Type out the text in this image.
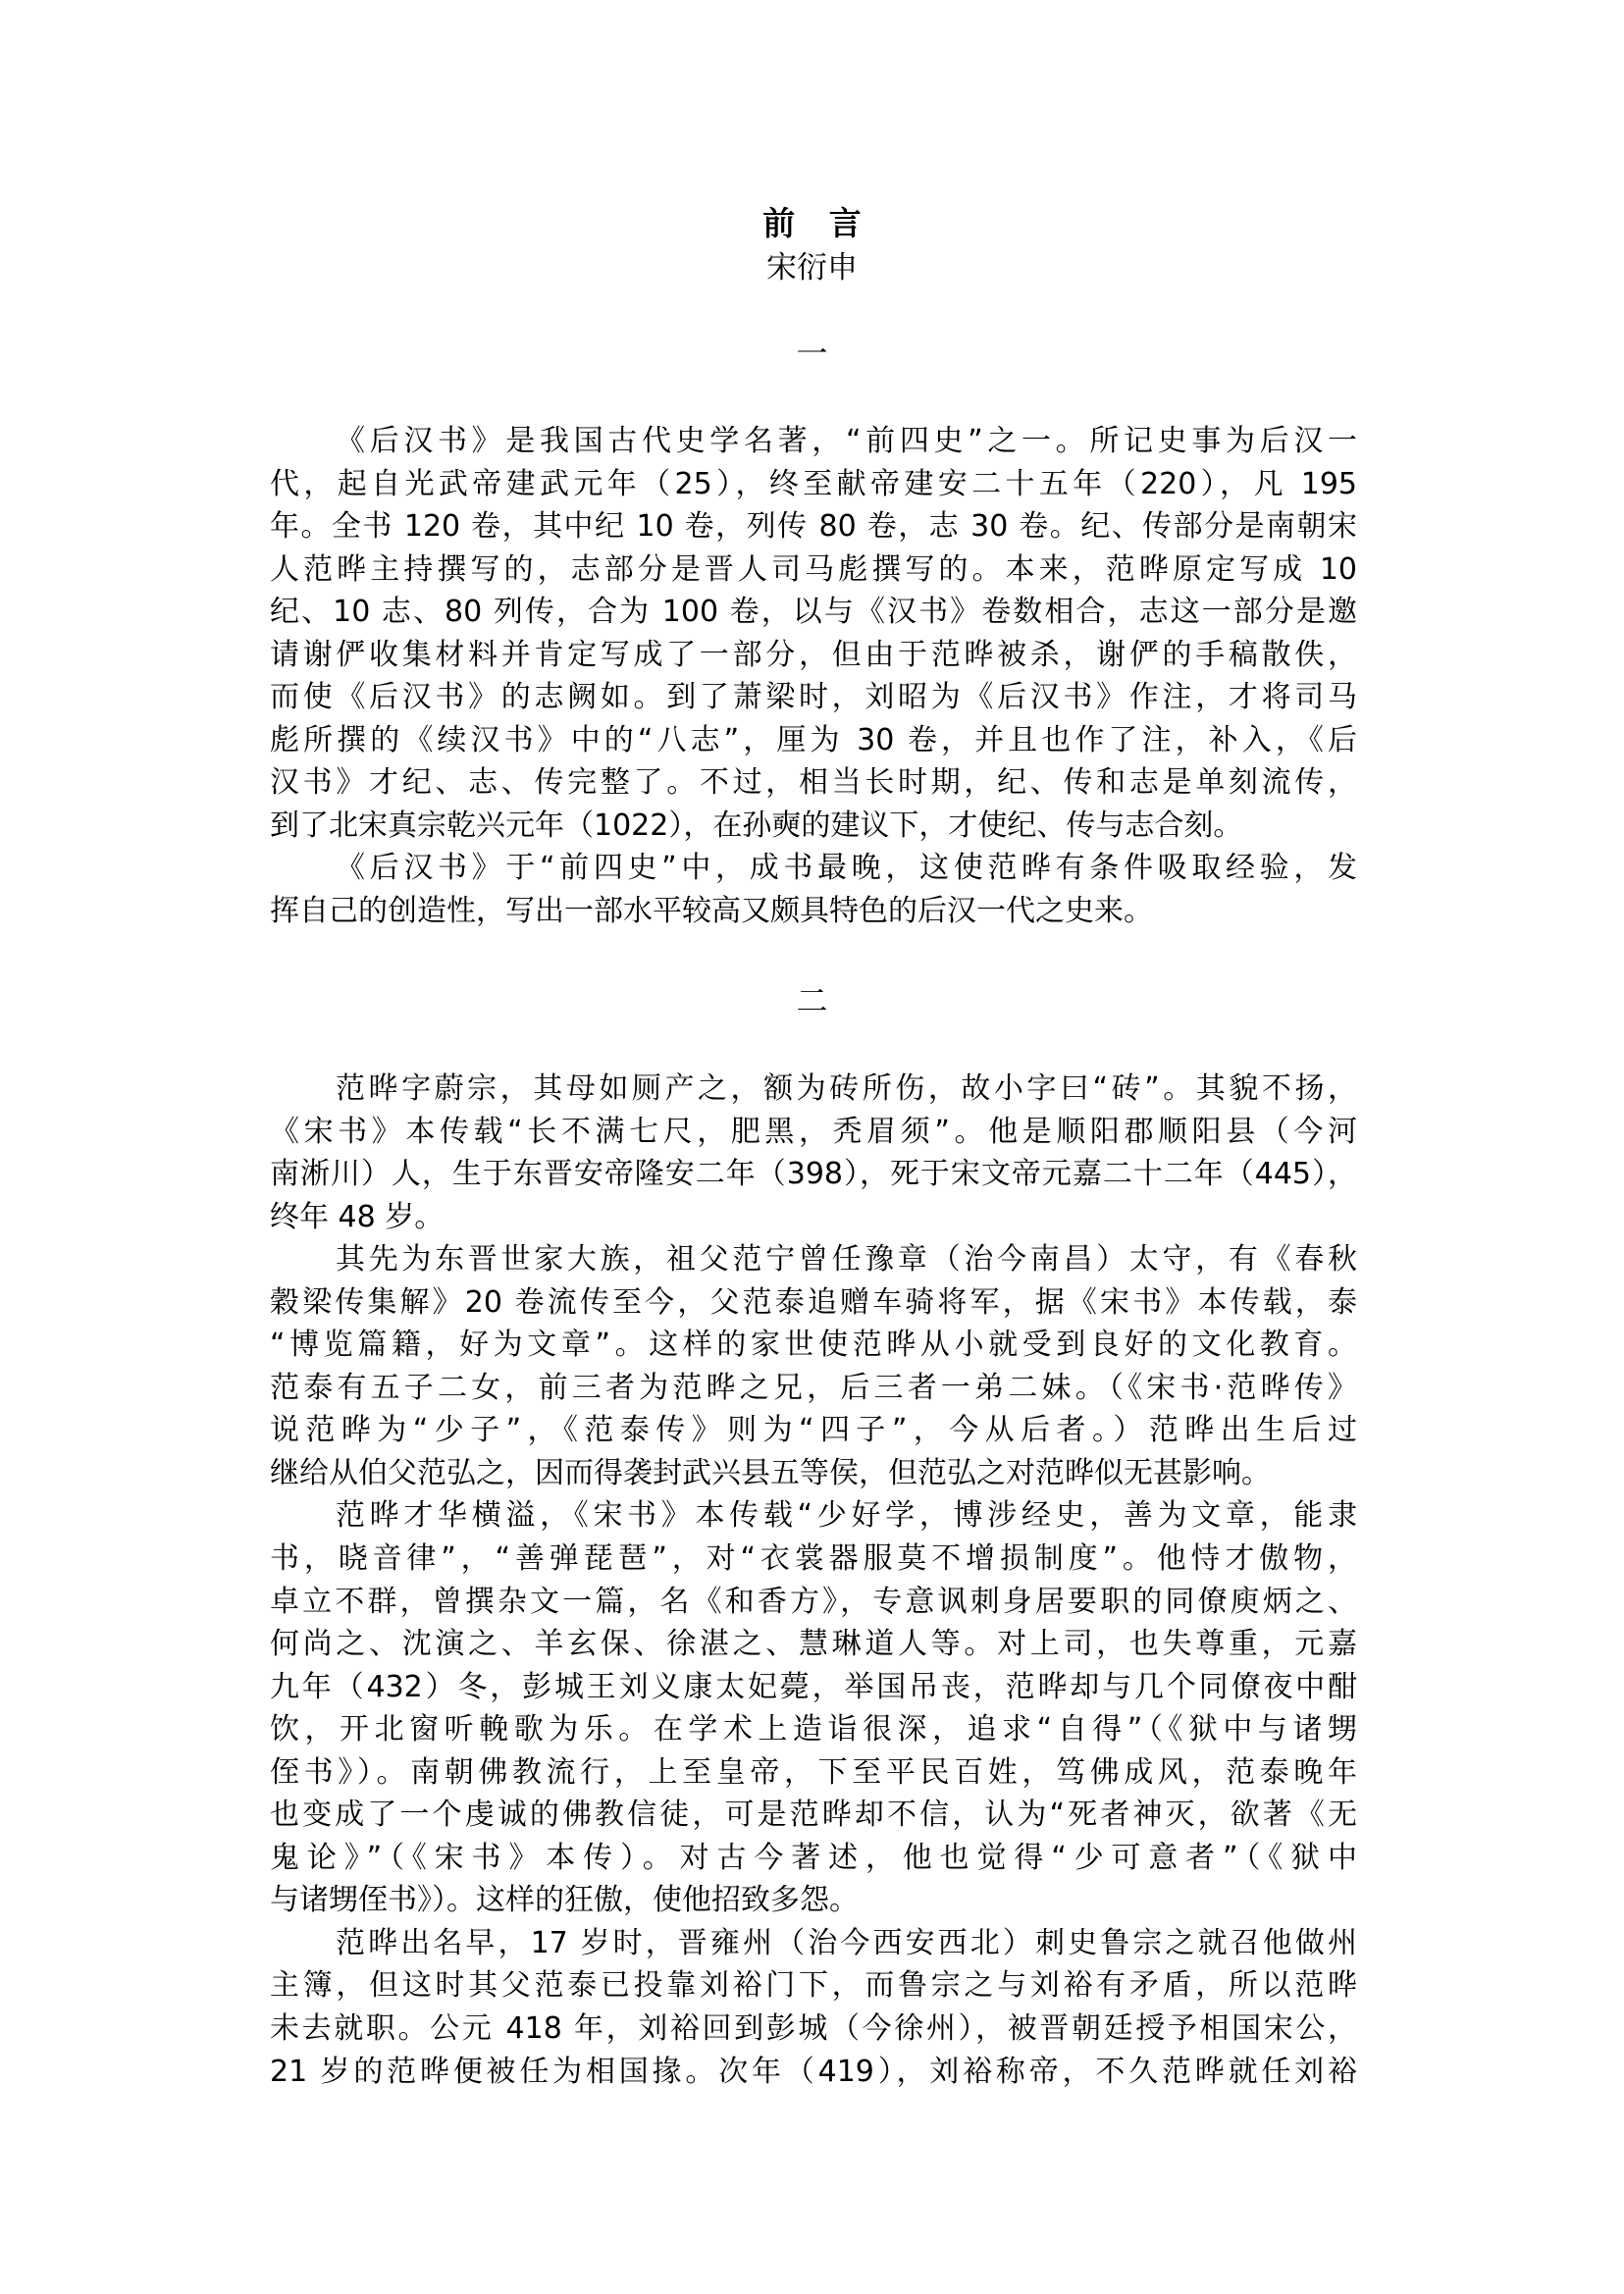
前 言
宋衍申
一
《后汉书》是我国古代史学名著，“前四史”之一。所记史事为后汉一
代，起自光武帝建武元年（25），终至献帝建安二十五年（220），凡 195
年。全书 120 卷，其中纪 10 卷，列传 80 卷，志 30 卷。纪、传部分是南朝宋
人范晔主持撰写的，志部分是晋人司马彪撰写的。本来，范晔原定写成 10
纪、10 志、80 列传，合为 100 卷，以与《汉书》卷数相合，志这一部分是邀
请谢俨收集材料并肯定写成了一部分，但由于范晔被杀，谢俨的手稿散佚，
而使《后汉书》的志阙如。到了萧梁时，刘昭为《后汉书》作注，才将司马
彪所撰的《续汉书》中的“八志”，厘为 30 卷，并且也作了注，补入，《后
汉书》才纪、志、传完整了。不过，相当长时期，纪、传和志是单刻流传，
到了北宋真宗乾兴元年（1022），在孙奭的建议下，才使纪、传与志合刻。
《后汉书》于“前四史”中，成书最晚，这使范晔有条件吸取经验，发
挥自己的创造性，写出一部水平较高又颇具特色的后汉一代之史来。
二
范晔字蔚宗，其母如厕产之，额为砖所伤，故小字曰“砖”。其貌不扬，
《宋书》本传载“长不满七尺，肥黑，秃眉须”。他是顺阳郡顺阳县（今河
南淅川）人，生于东晋安帝隆安二年（398），死于宋文帝元嘉二十二年（445），
终年 48 岁。
其先为东晋世家大族，祖父范宁曾任豫章（治今南昌）太守，有《春秋
穀梁传集解》20 卷流传至今，父范泰追赠车骑将军，据《宋书》本传载，泰
“博览篇籍，好为文章”。这样的家世使范晔从小就受到良好的文化教育。
范泰有五子二女，前三者为范晔之兄，后三者一弟二妹。（《宋书·范晔传》
说范晔为“少子”，《范泰传》则为“四子”，今从后者。）范晔出生后过
继给从伯父范弘之，因而得袭封武兴县五等侯，但范弘之对范晔似无甚影响。
范晔才华横溢，《宋书》本传载“少好学，博涉经史，善为文章，能隶
书，晓音律”，“善弹琵琶”，对“衣裳器服莫不增损制度”。他恃才傲物，
卓立不群，曾撰杂文一篇，名《和香方》，专意讽刺身居要职的同僚庾炳之、
何尚之、沈演之、羊玄保、徐湛之、慧琳道人等。对上司，也失尊重，元嘉
九年（432）冬，彭城王刘义康太妃薨，举国吊丧，范晔却与几个同僚夜中酣
饮，开北窗听輓歌为乐。在学术上造诣很深，追求“自得”（《狱中与诸甥
侄书》）。南朝佛教流行，上至皇帝，下至平民百姓，笃佛成风，范泰晚年
也变成了一个虔诚的佛教信徒，可是范晔却不信，认为“死者神灭，欲著《无
鬼论》”（《宋书》本传）。对古今著述，他也觉得“少可意者”（《狱中
与诸甥侄书》）。这样的狂傲，使他招致多怨。
范晔出名早，17 岁时，晋雍州（治今西安西北）刺史鲁宗之就召他做州
主簿，但这时其父范泰已投靠刘裕门下，而鲁宗之与刘裕有矛盾，所以范晔
未去就职。公元 418 年，刘裕回到彭城（今徐州），被晋朝廷授予相国宋公，
21 岁的范晔便被任为相国掾。次年（419），刘裕称帝，不久范晔就任刘裕
